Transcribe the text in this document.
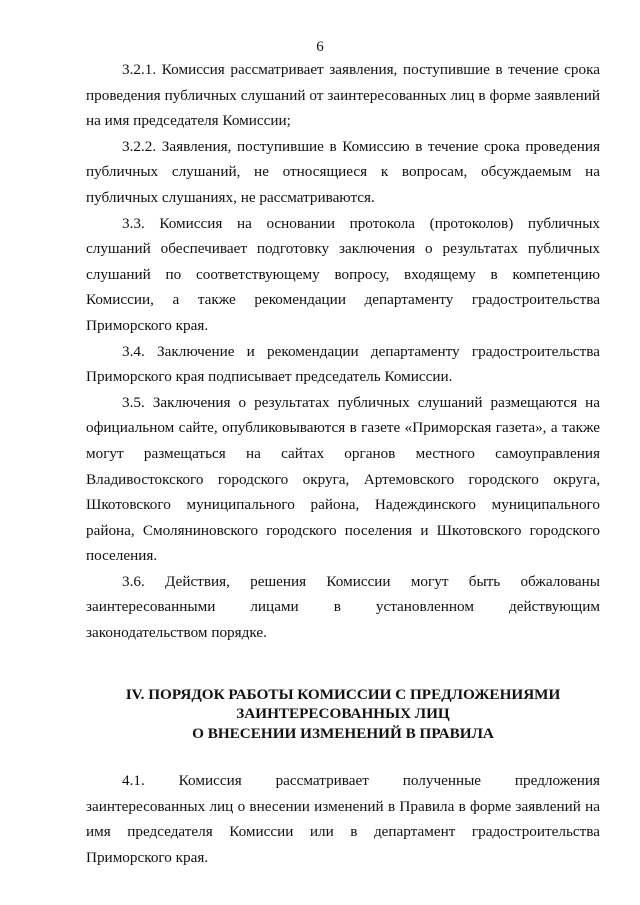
6

3.2.1. Комиссия рассматривает заявления, поступившие в течение срока проведения публичных слушаний от заинтересованных лиц в форме заявлений на имя председателя Комиссии;

3.2.2. Заявления, поступившие в Комиссию в течение срока проведения публичных слушаний, не относящиеся к вопросам, обсуждаемым на публичных слушаниях, не рассматриваются.

3.3. Комиссия на основании протокола (протоколов) публичных слушаний обеспечивает подготовку заключения о результатах публичных слушаний по соответствующему вопросу, входящему в компетенцию Комиссии, а также рекомендации департаменту градостроительства Приморского края.

3.4. Заключение и рекомендации департаменту градостроительства Приморского края подписывает председатель Комиссии.

3.5. Заключения о результатах публичных слушаний размещаются на официальном сайте, опубликовываются в газете «Приморская газета», а также могут размещаться на сайтах органов местного самоуправления Владивостокского городского округа, Артемовского городского округа, Шкотовского муниципального района, Надеждинского муниципального района, Смоляниновского городского поселения и Шкотовского городского поселения.

3.6. Действия, решения Комиссии могут быть обжалованы заинтересованными лицами в установленном действующим законодательством порядке.

IV. ПОРЯДОК РАБОТЫ КОМИССИИ С ПРЕДЛОЖЕНИЯМИ
ЗАИНТЕРЕСОВАННЫХ ЛИЦ
О ВНЕСЕНИИ ИЗМЕНЕНИЙ В ПРАВИЛА

4.1. Комиссия рассматривает полученные предложения заинтересованных лиц о внесении изменений в Правила в форме заявлений на имя председателя Комиссии или в департамент градостроительства Приморского края.
